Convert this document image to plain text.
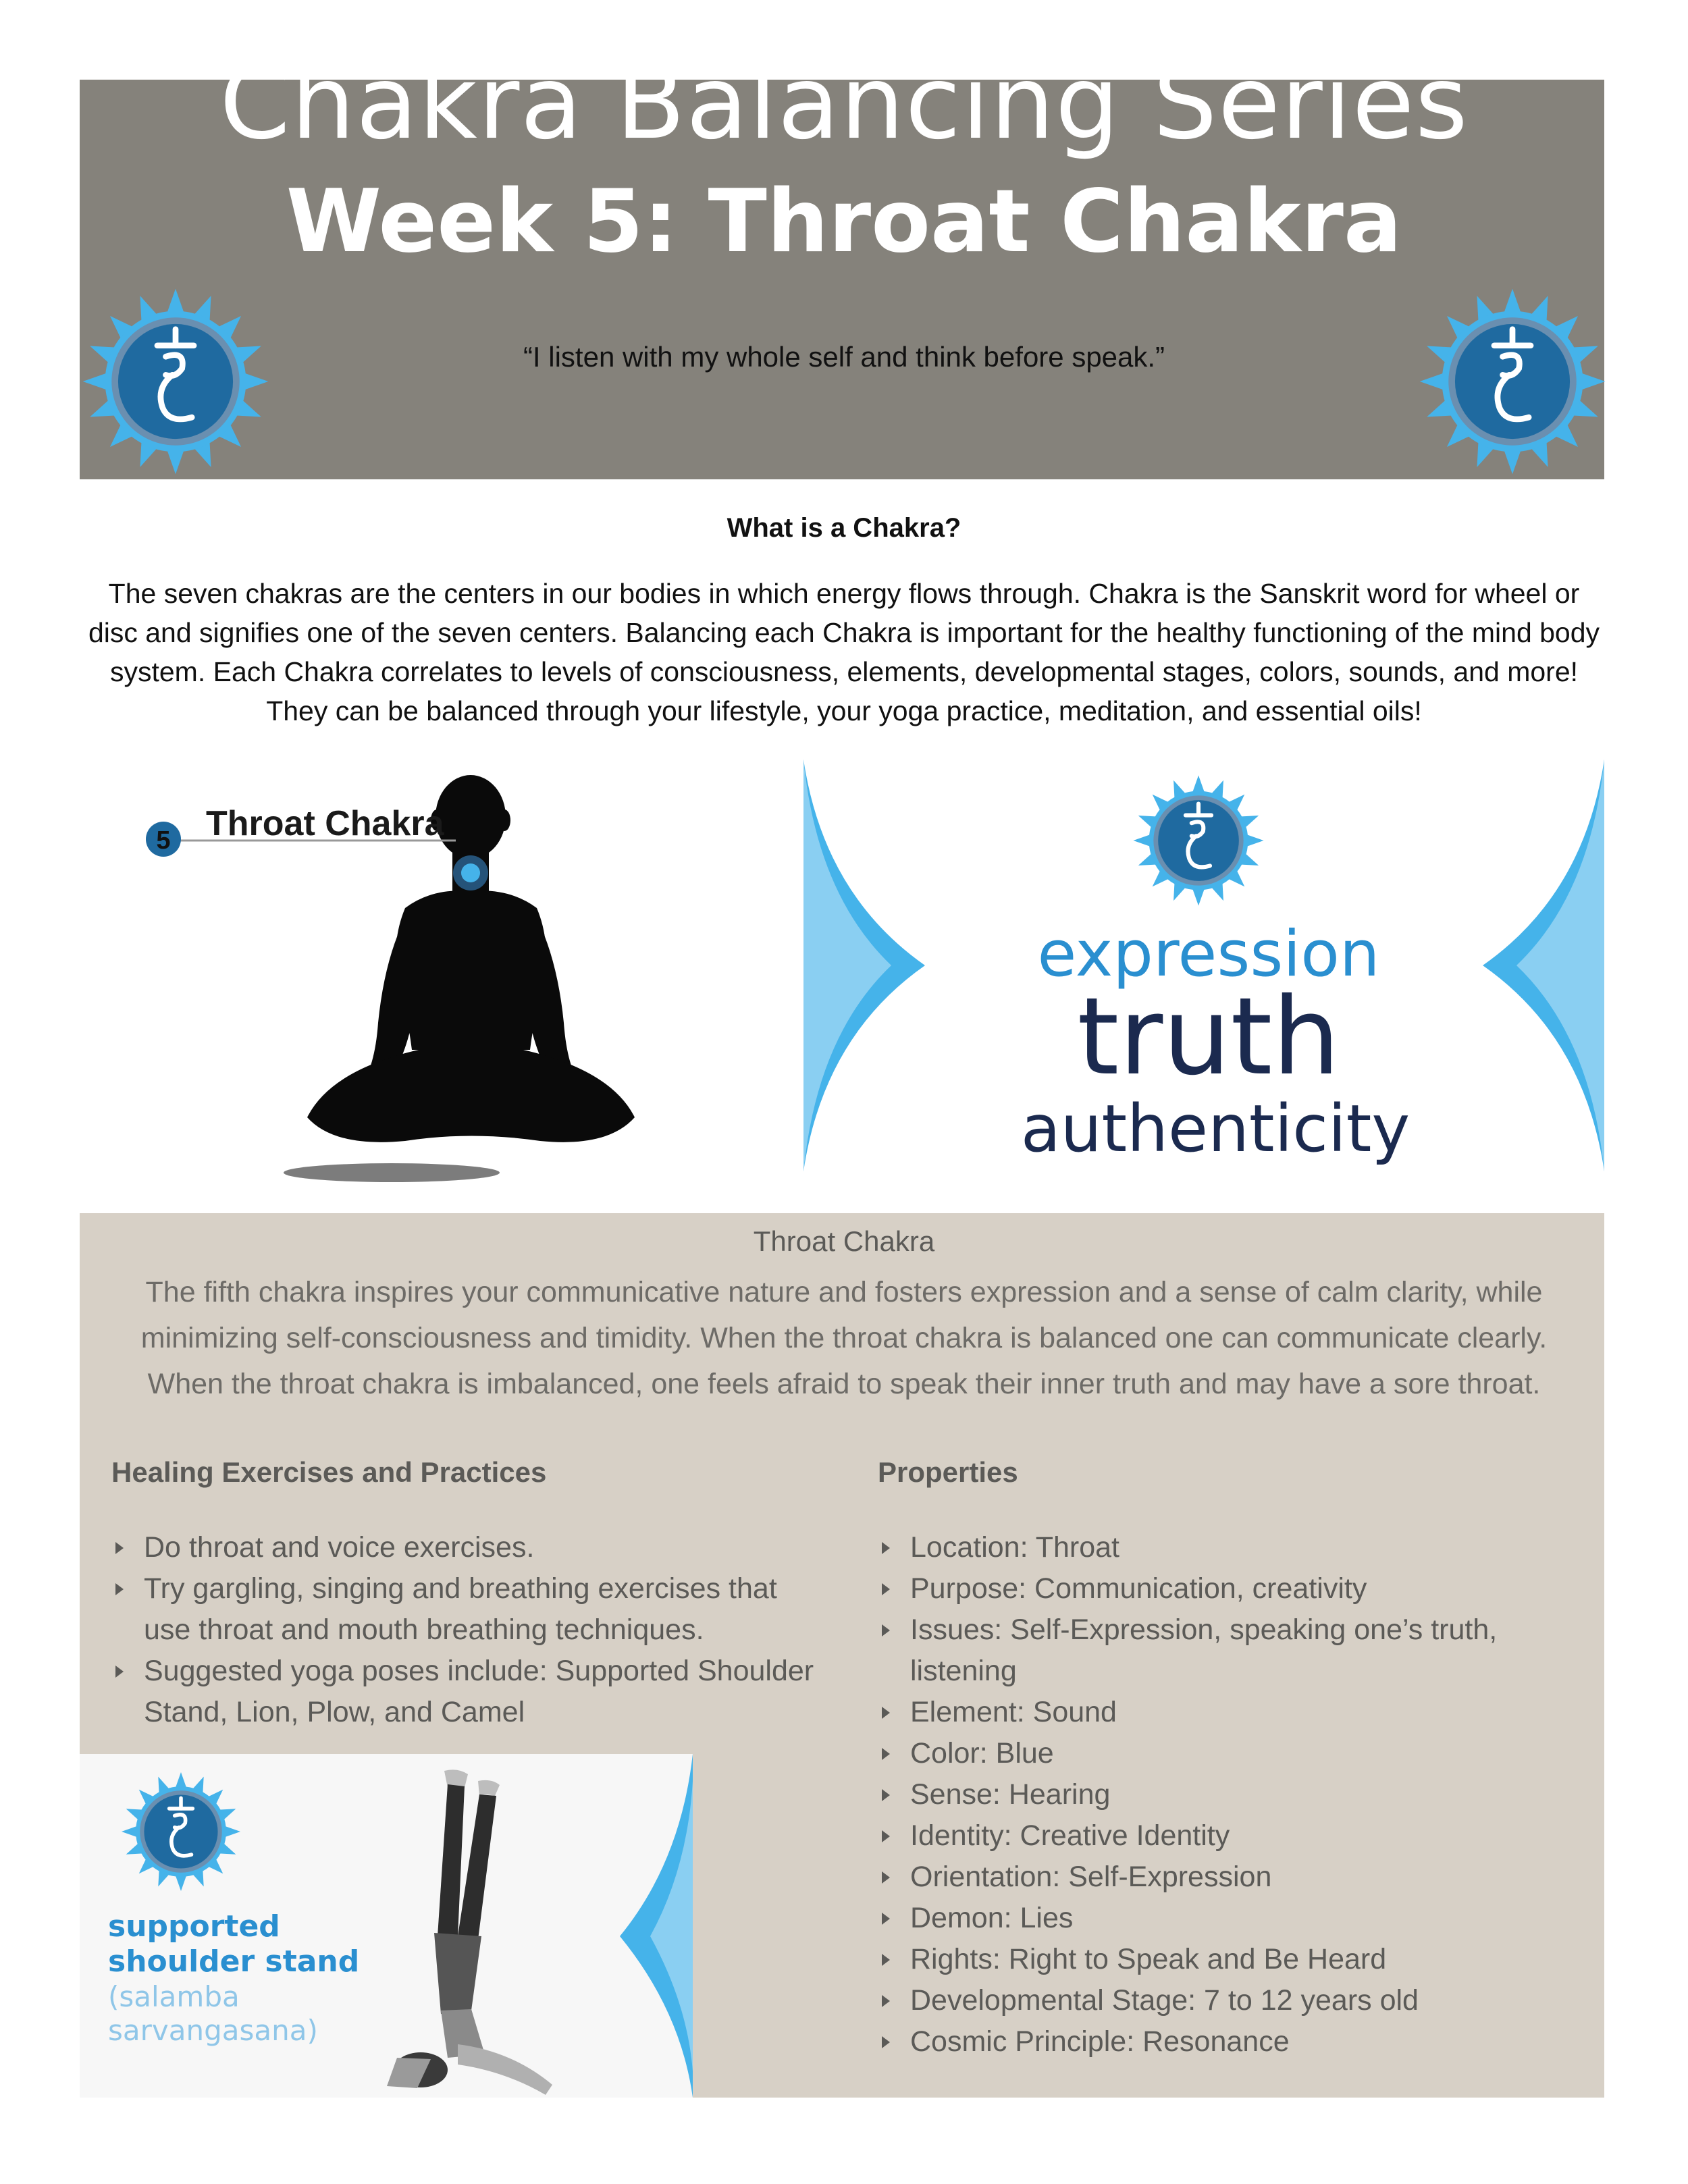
Chakra Balancing Series
Week 5: Throat Chakra
“I listen with my whole self and think before speak.”
What is a Chakra?
The seven chakras are the centers in our bodies in which energy flows through. Chakra is the Sanskrit word for wheel or disc and signifies one of the seven centers. Balancing each Chakra is important for the healthy functioning of the mind body system. Each Chakra correlates to levels of consciousness, elements, developmental stages, colors, sounds, and more! They can be balanced through your lifestyle, your yoga practice, meditation, and essential oils!
5 Throat Chakra
expression
truth
authenticity
Throat Chakra
The fifth chakra inspires your communicative nature and fosters expression and a sense of calm clarity, while minimizing self-consciousness and timidity. When the throat chakra is balanced one can communicate clearly. When the throat chakra is imbalanced, one feels afraid to speak their inner truth and may have a sore throat.
Healing Exercises and Practices
Do throat and voice exercises.
Try gargling, singing and breathing exercises that use throat and mouth breathing techniques.
Suggested yoga poses include: Supported Shoulder Stand, Lion, Plow, and Camel
Properties
Location: Throat
Purpose: Communication, creativity
Issues: Self-Expression, speaking one’s truth, listening
Element: Sound
Color: Blue
Sense: Hearing
Identity: Creative Identity
Orientation: Self-Expression
Demon: Lies
Rights: Right to Speak and Be Heard
Developmental Stage: 7 to 12 years old
Cosmic Principle: Resonance
supported
shoulder stand
(salamba
sarvangasana)
